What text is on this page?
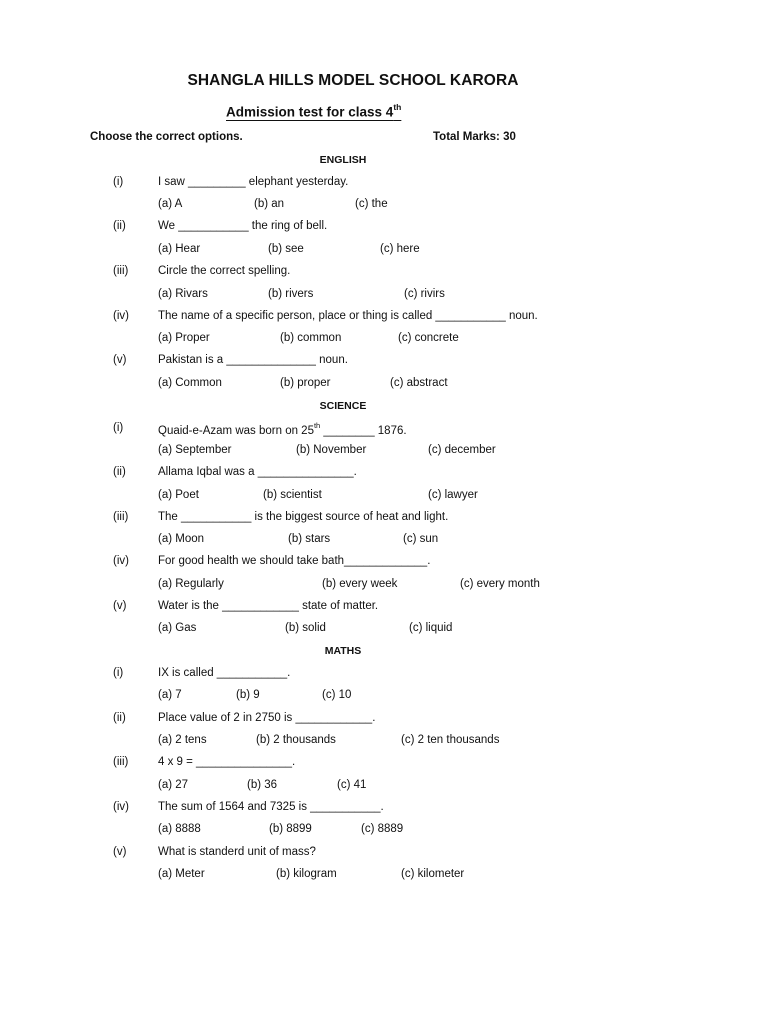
SHANGLA HILLS MODEL SCHOOL KARORA
Admission test for class 4th
Choose the correct options.	Total Marks: 30
ENGLISH
(i)	I saw _________ elephant yesterday.
(a) A	(b) an	(c) the
(ii)	We ___________ the ring of bell.
(a) Hear	(b) see	(c) here
(iii)	Circle the correct spelling.
(a) Rivars	(b) rivers	(c) rivirs
(iv)	The name of a specific person, place or thing is called ___________ noun.
(a) Proper	(b) common	(c) concrete
(v)	Pakistan is a ______________ noun.
(a) Common	(b) proper	(c) abstract
SCIENCE
(i)	Quaid-e-Azam was born on 25th ________ 1876.
(a) September	(b) November	(c) december
(ii)	Allama Iqbal was a _______________.
(a) Poet	(b) scientist	(c) lawyer
(iii)	The ___________ is the biggest source of heat and light.
(a) Moon	(b) stars	(c) sun
(iv)	For good health we should take bath_____________.
(a) Regularly	(b) every week	(c) every month
(v)	Water is the ____________ state of matter.
(a) Gas	(b) solid	(c) liquid
MATHS
(i)	IX is called ___________.
(a) 7	(b) 9	(c) 10
(ii)	Place value of 2 in 2750 is ____________.
(a) 2 tens	(b) 2 thousands	(c) 2 ten thousands
(iii)	4 x 9 = _______________.
(a) 27	(b) 36	(c) 41
(iv)	The sum of 1564 and 7325 is ___________.
(a) 8888	(b) 8899	(c) 8889
(v)	What is standerd unit of mass?
(a) Meter	(b) kilogram	(c) kilometer
